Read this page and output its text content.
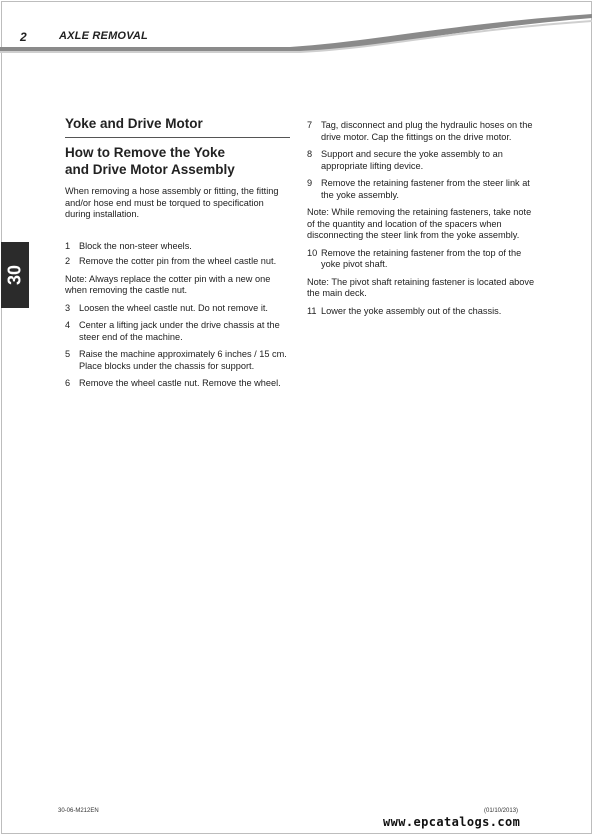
2	AXLE REMOVAL
30
Yoke and Drive Motor
How to Remove the Yoke
and Drive Motor Assembly

When removing a hose assembly or fitting, the fitting and/or hose end must be torqued to specification during installation.

1 Block the non-steer wheels.
2 Remove the cotter pin from the wheel castle nut.

Note: Always replace the cotter pin with a new one when removing the castle nut.

3 Loosen the wheel castle nut. Do not remove it.
4 Center a lifting jack under the drive chassis at the steer end of the machine.
5 Raise the machine approximately 6 inches / 15 cm. Place blocks under the chassis for support.
6 Remove the wheel castle nut. Remove the wheel.
7 Tag, disconnect and plug the hydraulic hoses on the drive motor. Cap the fittings on the drive motor.
8 Support and secure the yoke assembly to an appropriate lifting device.
9 Remove the retaining fastener from the steer link at the yoke assembly.

Note: While removing the retaining fasteners, take note of the quantity and location of the spacers when disconnecting the steer link from the yoke assembly.

10 Remove the retaining fastener from the top of the yoke pivot shaft.

Note: The pivot shaft retaining fastener is located above the main deck.

11 Lower the yoke assembly out of the chassis.
30-06-M212EN	(01/10/2013)
www.epcatalogs.com
